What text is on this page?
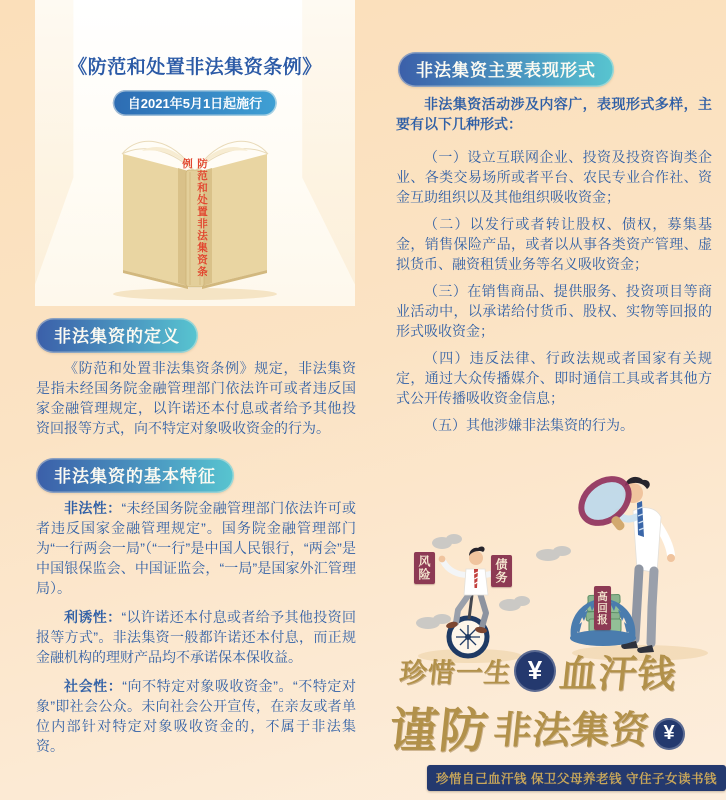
《防范和处置非法集资条例》
自2021年5月1日起施行
防范和处置非法集资条例
非法集资的定义
《防范和处置非法集资条例》规定，非法集资是指未经国务院金融管理部门依法许可或者违反国家金融管理规定，以许诺还本付息或者给予其他投资回报等方式，向不特定对象吸收资金的行为。
非法集资的基本特征

非法性：“未经国务院金融管理部门依法许可或者违反国家金融管理规定”。国务院金融管理部门为“一行两会一局”（“一行”是中国人民银行，“两会”是中国银保监会、中国证监会，“一局”是国家外汇管理局）。

利诱性：“以许诺还本付息或者给予其他投资回报等方式”。非法集资一般都许诺还本付息，而正规金融机构的理财产品均不承诺保本保收益。

社会性：“向不特定对象吸收资金”。“不特定对象”即社会公众。未向社会公开宣传，在亲友或者单位内部针对特定对象吸收资金的，不属于非法集资。

非法集资主要表现形式

非法集资活动涉及内容广，表现形式多样，主要有以下几种形式：

（一）设立互联网企业、投资及投资咨询类企业、各类交易场所或者平台、农民专业合作社、资金互助组织以及其他组织吸收资金；

（二）以发行或者转让股权、债权，募集基金，销售保险产品，或者以从事各类资产管理、虚拟货币、融资租赁业务等名义吸收资金；

（三）在销售商品、提供服务、投资项目等商业活动中，以承诺给付货币、股权、实物等回报的形式吸收资金；

（四）违反法律、行政法规或者国家有关规定，通过大众传播媒介、即时通信工具或者其他方式公开传播吸收资金信息；

（五）其他涉嫌非法集资的行为。

风险	债务
高回报
珍惜一生 ¥ 血汗钱
谨防 非法集资 ¥
珍惜自己血汗钱 保卫父母养老钱 守住子女读书钱
